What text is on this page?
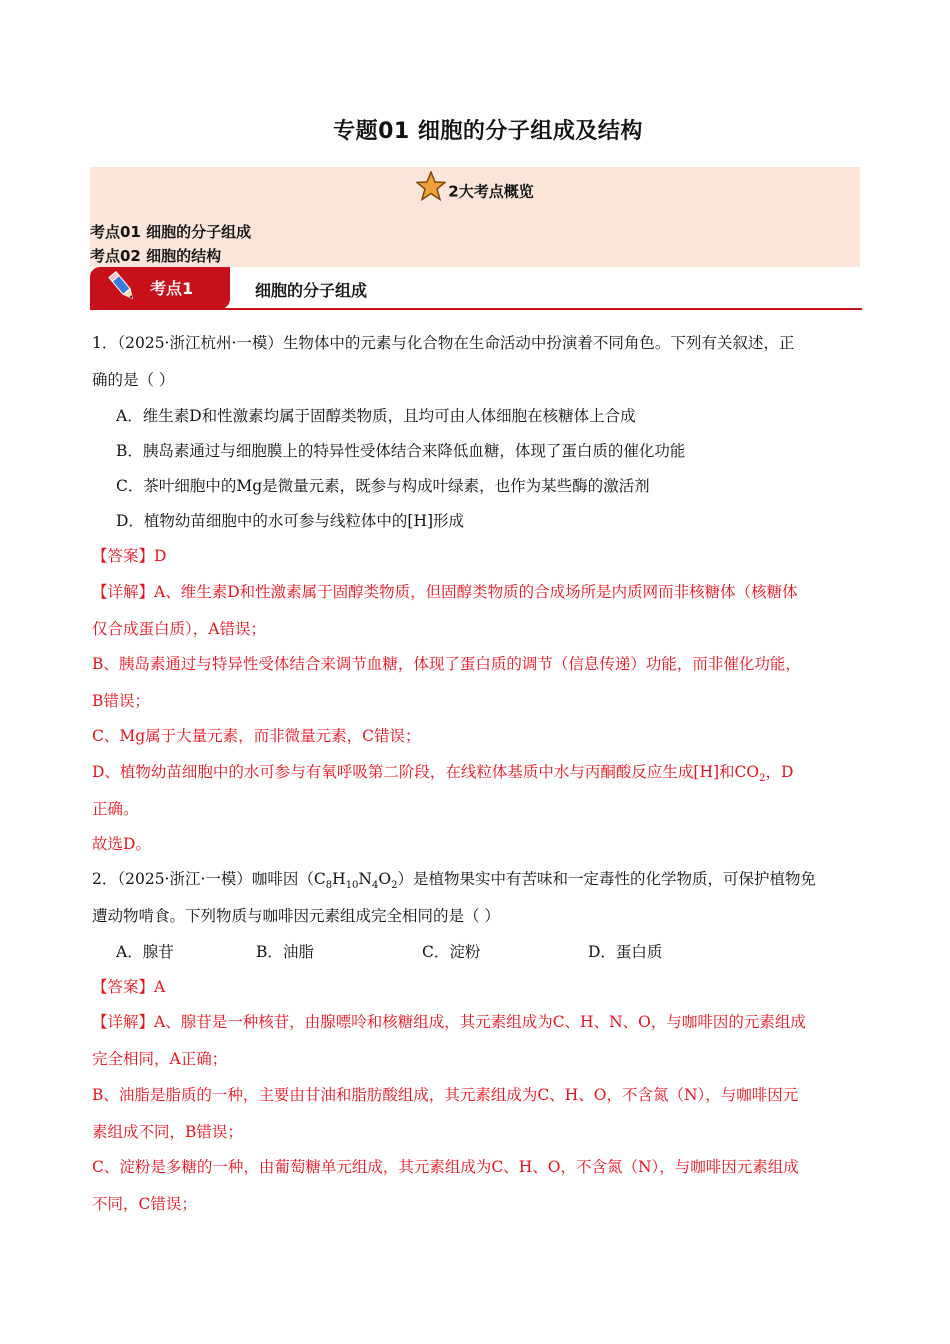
专题01 细胞的分子组成及结构
2大考点概览
考点01 细胞的分子组成
考点02 细胞的结构
考点1	细胞的分子组成
1．（2025·浙江杭州·一模）生物体中的元素与化合物在生命活动中扮演着不同角色。下列有关叙述，正
确的是（ ）
A．维生素D和性激素均属于固醇类物质，且均可由人体细胞在核糖体上合成
B．胰岛素通过与细胞膜上的特异性受体结合来降低血糖，体现了蛋白质的催化功能
C．茶叶细胞中的Mg是微量元素，既参与构成叶绿素，也作为某些酶的激活剂
D．植物幼苗细胞中的水可参与线粒体中的[H]形成
【答案】D
【详解】A、维生素D和性激素属于固醇类物质，但固醇类物质的合成场所是内质网而非核糖体（核糖体
仅合成蛋白质），A错误；
B、胰岛素通过与特异性受体结合来调节血糖，体现了蛋白质的调节（信息传递）功能，而非催化功能，
B错误；
C、Mg属于大量元素，而非微量元素，C错误；
D、植物幼苗细胞中的水可参与有氧呼吸第二阶段，在线粒体基质中水与丙酮酸反应生成[H]和$CO_2$，D
正确。
故选D。
2．（2025·浙江·一模）咖啡因$(C_8H_{10}N_4O_2)$是植物果实中有苦味和一定毒性的化学物质，可保护植物免
遭动物啃食。下列物质与咖啡因元素组成完全相同的是（ ）
A．腺苷	B．油脂	C．淀粉	D．蛋白质
【答案】A
【详解】A、腺苷是一种核苷，由腺嘌呤和核糖组成，其元素组成为C、H、N、O，与咖啡因的元素组成
完全相同，A正确；
B、油脂是脂质的一种，主要由甘油和脂肪酸组成，其元素组成为C、H、O，不含氮（N），与咖啡因元
素组成不同，B错误；
C、淀粉是多糖的一种，由葡萄糖单元组成，其元素组成为C、H、O，不含氮（N），与咖啡因元素组成
不同，C错误；
